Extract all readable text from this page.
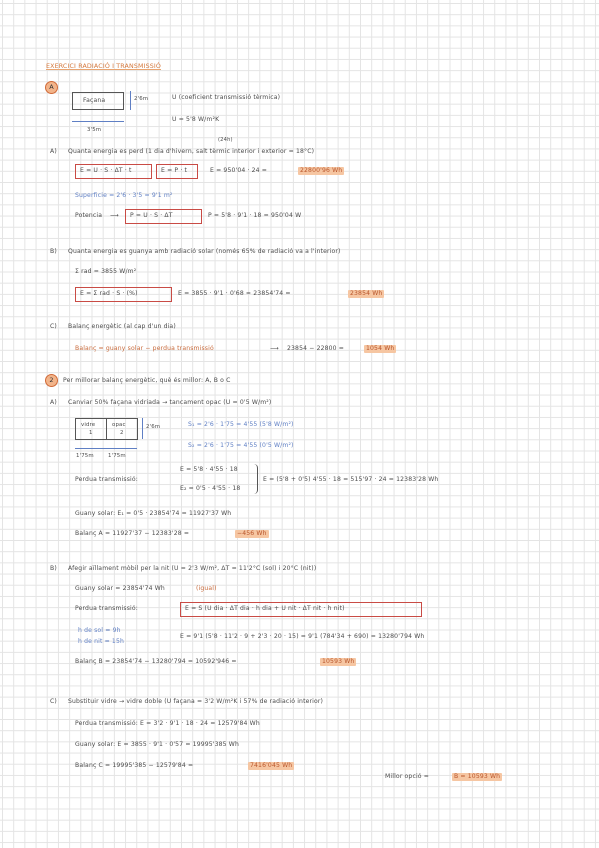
EXERCICI RADIACIÓ I TRANSMISSIÓ
A
Façana	2'6m
3'5m
U (coeficient transmissió tèrmica)
U = 5'8 W/m²K
(24h)
A) Quanta energia es perd (1 dia d'hivern, salt tèrmic interior i exterior = 18°C)
E = U · S · ΔT · t	E = P · t	E = 950'04 · 24 =	22800'96 Wh
Superficie = 2'6 · 3'5 = 9'1 m²
Potencia ⟶ P = U · S · ΔT	P = 5'8 · 9'1 · 18 = 950'04 W
B) Quanta energia es guanya amb radiació solar (només 65% de radiació va a l'interior)
Σ rad = 3855 W/m²
E = Σ rad · S · (%)	E = 3855 · 9'1 · 0'68 = 23854'74 =	23854 Wh
C) Balanç energètic (al cap d'un dia)
Balanç = guany solar − perdua transmissió	⟶ 23854 − 22800 =	1054 Wh
2	Per millorar balanç energètic, què és millor: A, B o C
A) Canviar 50% façana vidriada → tancament opac (U = 0'5 W/m²)
vidre
1
opac
2
2'6m
1'75m	1'75m
S₁ = 2'6 · 1'75 = 4'55 (5'8 W/m²)
S₂ = 2'6 · 1'75 = 4'55 (0'5 W/m²)
Perdua transmissió:
E = 5'8 · 4'55 · 18
E₂ = 0'5 · 4'55 · 18
E = (5'8 + 0'5) 4'55 · 18 = 515'97 · 24 = 12383'28 Wh
Guany solar: E₁ = 0'5 · 23854'74 = 11927'37 Wh
Balanç A = 11927'37 − 12383'28 =	−456 Wh
B) Afegir aïllament mòbil per la nit (U = 2'3 W/m², ΔT = 11'2°C (sol) i 20°C (nit))
Guany solar = 23854'74 Wh	(igual)
Perdua transmissió:	E = S (U dia · ΔT dia · h dia + U nit · ΔT nit · h nit)
h de sol = 9h
h de nit = 15h
E = 9'1 (5'8 · 11'2 · 9 + 2'3 · 20 · 15) = 9'1 (784'34 + 690) = 13280'794 Wh
Balanç B = 23854'74 − 13280'794 = 10592'946 =	10593 Wh
C) Substituir vidre → vidre doble (U façana = 3'2 W/m²K i 57% de radiació interior)
Perdua transmissió: E = 3'2 · 9'1 · 18 · 24 = 12579'84 Wh
Guany solar: E = 3855 · 9'1 · 0'57 = 19995'385 Wh
Balanç C = 19995'385 − 12579'84 =	7416'045 Wh
Millor opció =	B = 10593 Wh
